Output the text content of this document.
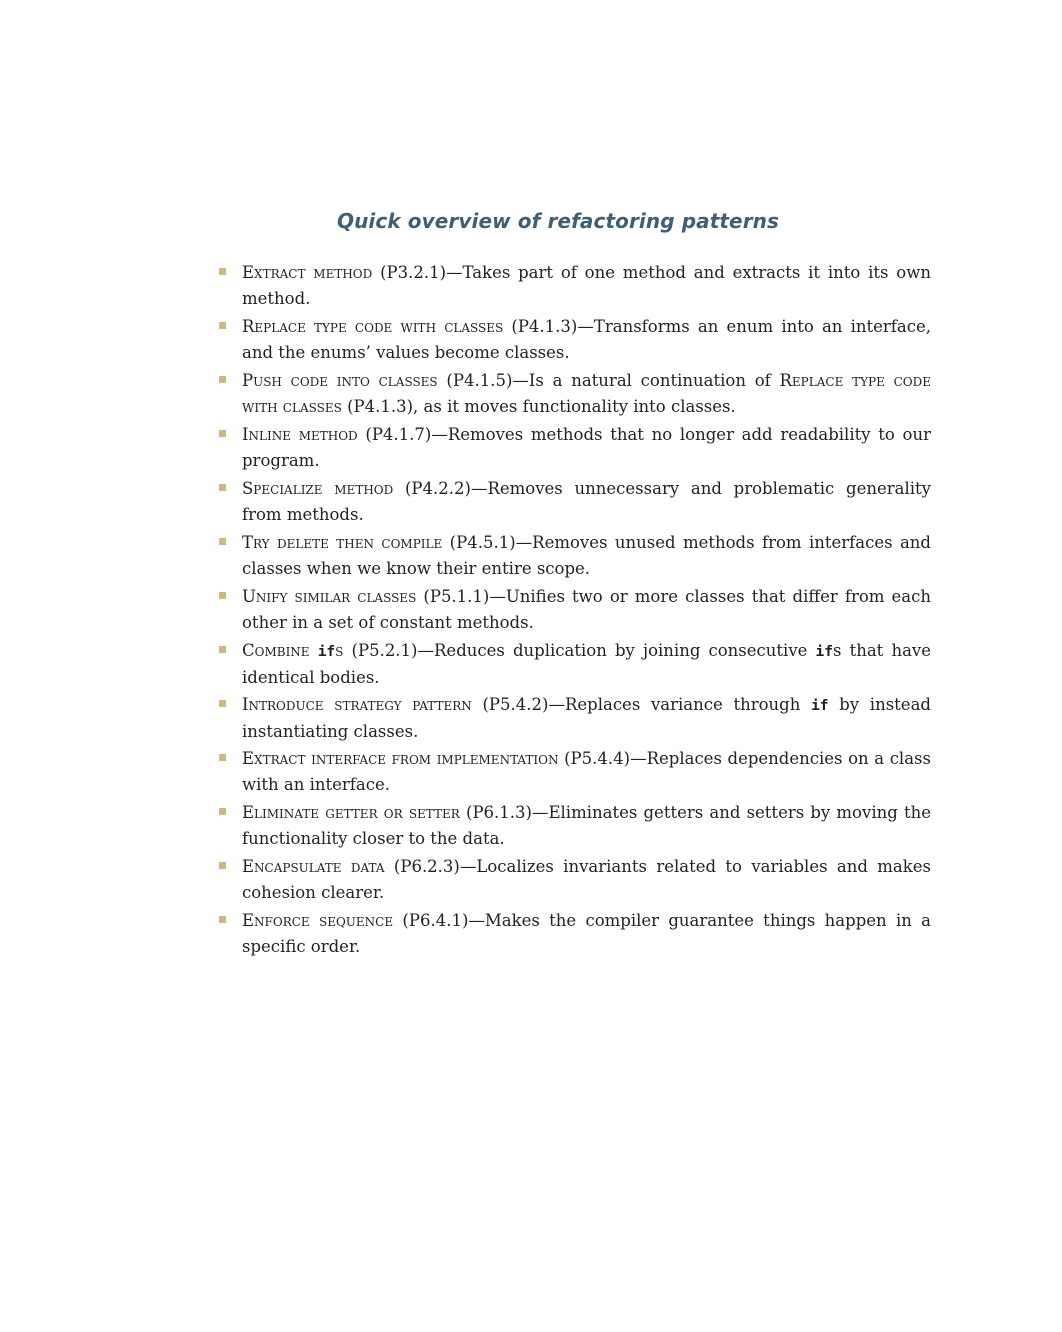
Quick overview of refactoring patterns
Extract method (P3.2.1)—Takes part of one method and extracts it into its own method.
Replace type code with classes (P4.1.3)—Transforms an enum into an interface, and the enums’ values become classes.
Push code into classes (P4.1.5)—Is a natural continuation of Replace type code with classes (P4.1.3), as it moves functionality into classes.
Inline method (P4.1.7)—Removes methods that no longer add readability to our program.
Specialize method (P4.2.2)—Removes unnecessary and problematic generality from methods.
Try delete then compile (P4.5.1)—Removes unused methods from interfaces and classes when we know their entire scope.
Unify similar classes (P5.1.1)—Unifies two or more classes that differ from each other in a set of constant methods.
Combine ifs (P5.2.1)—Reduces duplication by joining consecutive ifs that have identical bodies.
Introduce strategy pattern (P5.4.2)—Replaces variance through if by instead instantiating classes.
Extract interface from implementation (P5.4.4)—Replaces dependencies on a class with an interface.
Eliminate getter or setter (P6.1.3)—Eliminates getters and setters by moving the functionality closer to the data.
Encapsulate data (P6.2.3)—Localizes invariants related to variables and makes cohesion clearer.
Enforce sequence (P6.4.1)—Makes the compiler guarantee things happen in a specific order.
